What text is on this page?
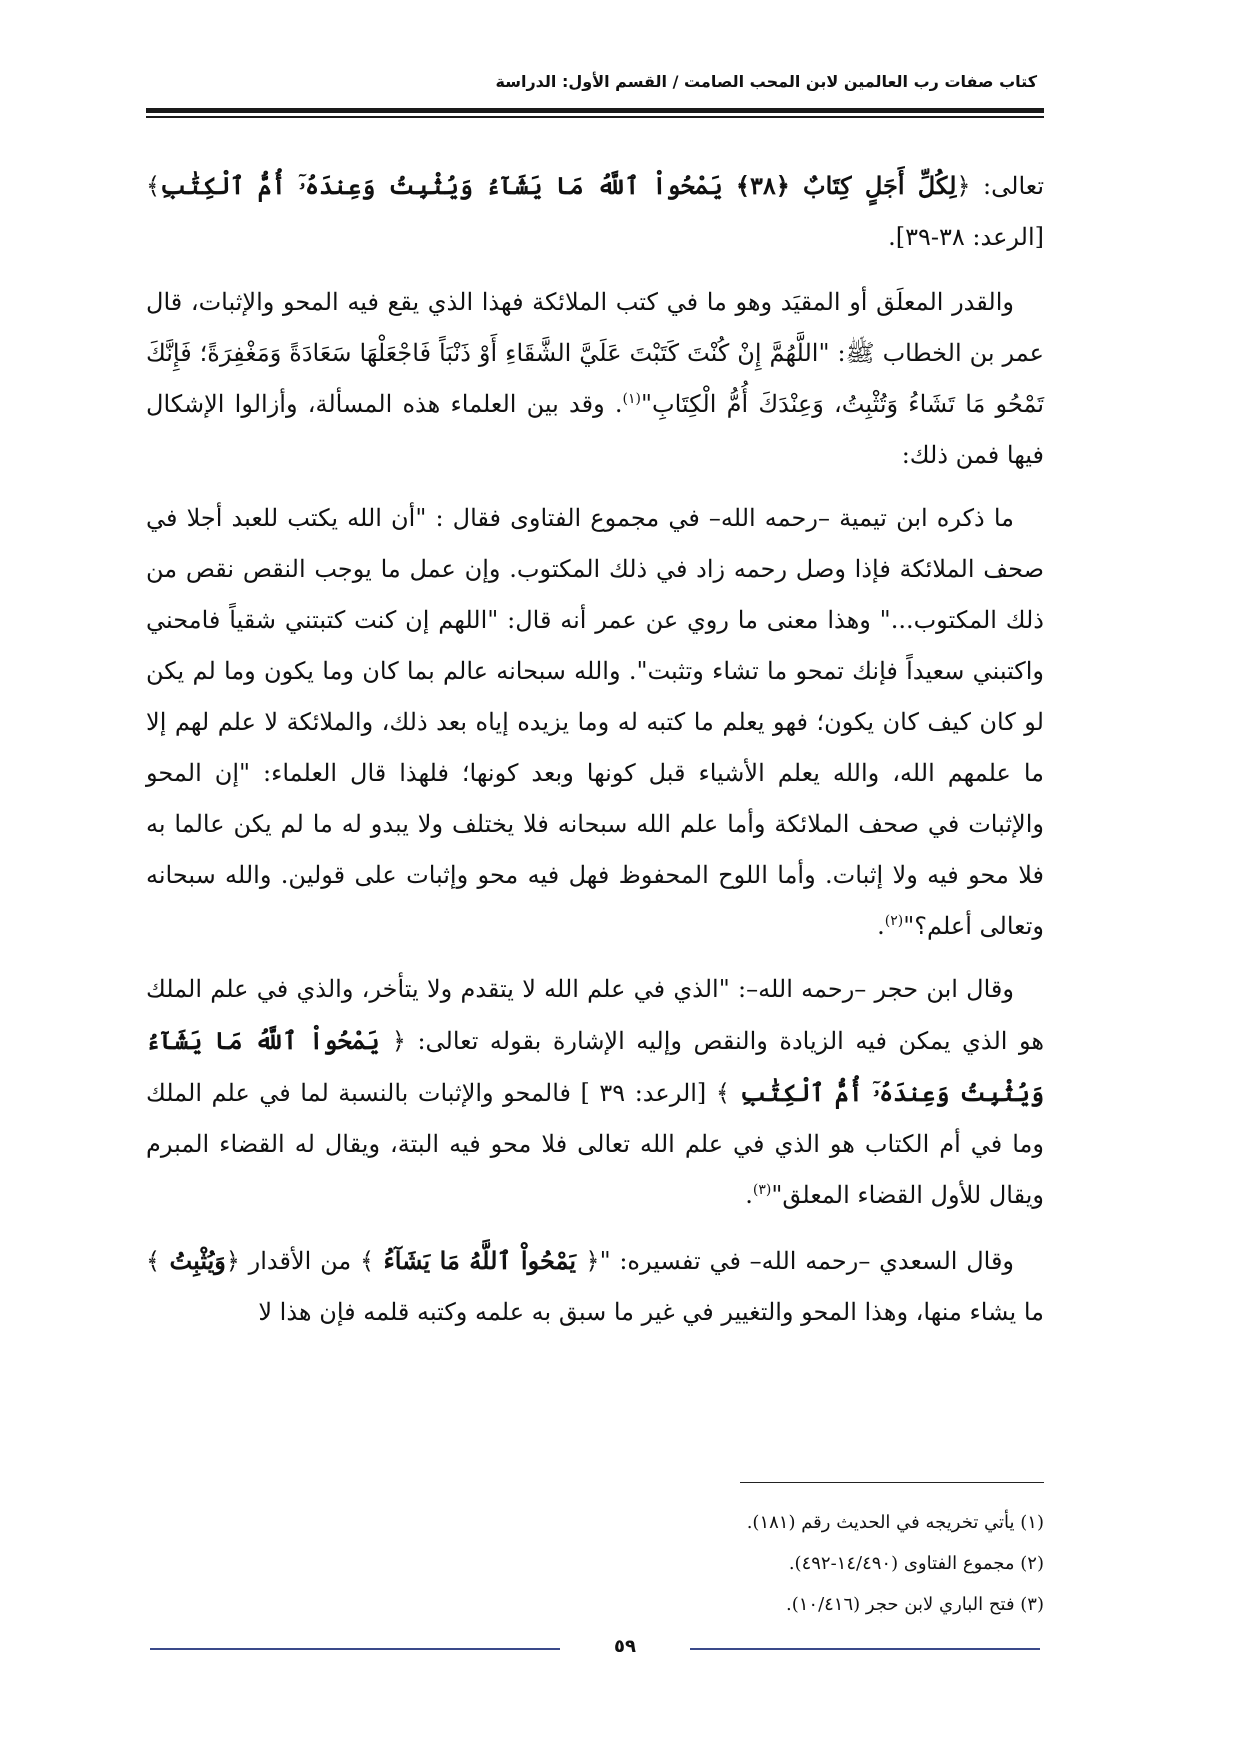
كتاب صفات رب العالمين لابن المحب الصامت / القسم الأول: الدراسة

تعالى: ﴿لِكُلِّ أَجَلٍ كِتَابٌ ﴿٣٨﴾ يَمْحُواْ ٱللَّهُ مَا يَشَآءُ وَيُثْبِتُ وَعِندَهُۥٓ أُمُّ ٱلْكِتَٰبِ﴾ [الرعد: ٣٨-٣٩].

والقدر المعلَق أو المقيَد وهو ما في كتب الملائكة فهذا الذي يقع فيه المحو والإثبات، قال عمر بن الخطاب ﷺ: "اللَّهُمَّ إِنْ كُنْتَ كَتَبْتَ عَلَيَّ الشَّقَاءِ أَوْ ذَنْبَاً فَاجْعَلْهَا سَعَادَةً وَمَغْفِرَةً؛ فَإِنَّكَ تَمْحُو مَا تَشَاءُ وَتُثْبِتُ، وَعِنْدَكَ أُمُّ الْكِتَابِ"$^{(١)}$. وقد بين العلماء هذه المسألة، وأزالوا الإشكال فيها فمن ذلك:

ما ذكره ابن تيمية –رحمه الله– في مجموع الفتاوى فقال : "أن الله يكتب للعبد أجلا في صحف الملائكة فإذا وصل رحمه زاد في ذلك المكتوب. وإن عمل ما يوجب النقص نقص من ذلك المكتوب..." وهذا معنى ما روي عن عمر أنه قال: "اللهم إن كنت كتبتني شقياً فامحني واكتبني سعيداً فإنك تمحو ما تشاء وتثبت". والله سبحانه عالم بما كان وما يكون وما لم يكن لو كان كيف كان يكون؛ فهو يعلم ما كتبه له وما يزيده إياه بعد ذلك، والملائكة لا علم لهم إلا ما علمهم الله، والله يعلم الأشياء قبل كونها وبعد كونها؛ فلهذا قال العلماء: "إن المحو والإثبات في صحف الملائكة وأما علم الله سبحانه فلا يختلف ولا يبدو له ما لم يكن عالما به فلا محو فيه ولا إثبات. وأما اللوح المحفوظ فهل فيه محو وإثبات على قولين. والله سبحانه وتعالى أعلم؟"$^{(٢)}$.

وقال ابن حجر –رحمه الله–: "الذي في علم الله لا يتقدم ولا يتأخر، والذي في علم الملك هو الذي يمكن فيه الزيادة والنقص وإليه الإشارة بقوله تعالى: ﴿ يَمْحُواْ ٱللَّهُ مَا يَشَآءُ وَيُثْبِتُ وَعِندَهُۥٓ أُمُّ ٱلْكِتَٰبِ ﴾ [الرعد: ٣٩ ] فالمحو والإثبات بالنسبة لما في علم الملك وما في أم الكتاب هو الذي في علم الله تعالى فلا محو فيه البتة، ويقال له القضاء المبرم ويقال للأول القضاء المعلق"$^{(٣)}$.

وقال السعدي –رحمه الله– في تفسيره: "﴿ يَمْحُواْ ٱللَّهُ مَا يَشَآءُ ﴾ من الأقدار ﴿وَيُثْبِتُ ﴾ ما يشاء منها، وهذا المحو والتغيير في غير ما سبق به علمه وكتبه قلمه فإن هذا لا

(١) يأتي تخريجه في الحديث رقم (١٨١).
(٢) مجموع الفتاوى (١٤/٤٩٠-٤٩٢).
(٣) فتح الباري لابن حجر (١٠/٤١٦).
٥٩
